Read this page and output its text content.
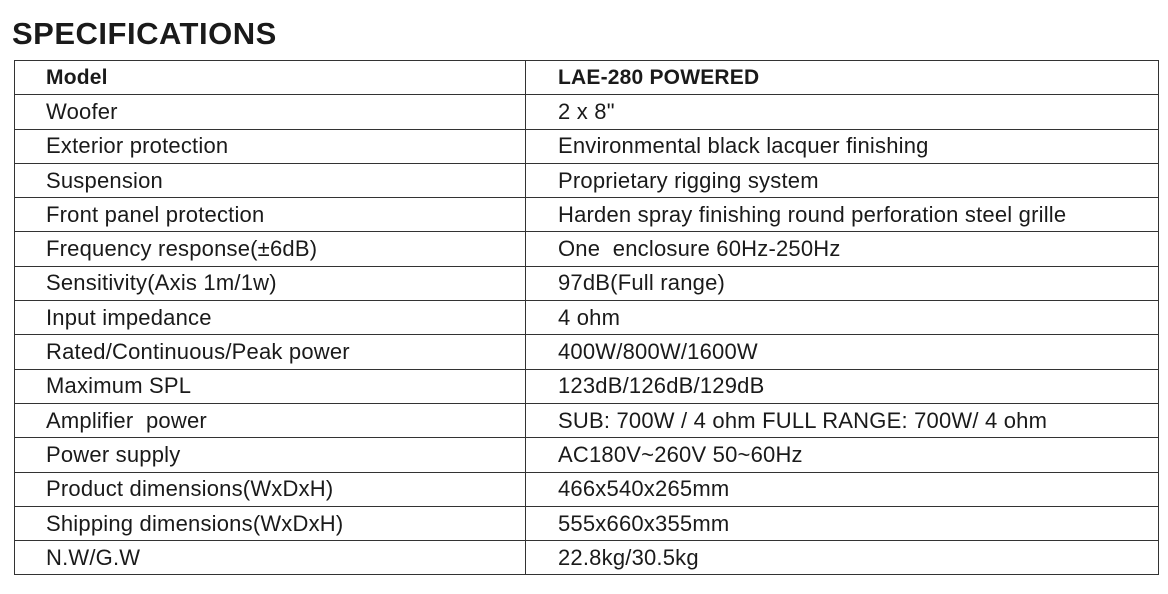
SPECIFICATIONS
Model	LAE-280 POWERED
Woofer	2 x 8"
Exterior protection	Environmental black lacquer finishing
Suspension	Proprietary rigging system
Front panel protection	Harden spray finishing round perforation steel grille
Frequency response(±6dB)	One  enclosure 60Hz-250Hz
Sensitivity(Axis 1m/1w)	97dB(Full range)
Input impedance	4 ohm
Rated/Continuous/Peak power	400W/800W/1600W
Maximum SPL	123dB/126dB/129dB
Amplifier  power	SUB: 700W / 4 ohm FULL RANGE: 700W/ 4 ohm
Power supply	AC180V~260V 50~60Hz
Product dimensions(WxDxH)	466x540x265mm
Shipping dimensions(WxDxH)	555x660x355mm
N.W/G.W	22.8kg/30.5kg
